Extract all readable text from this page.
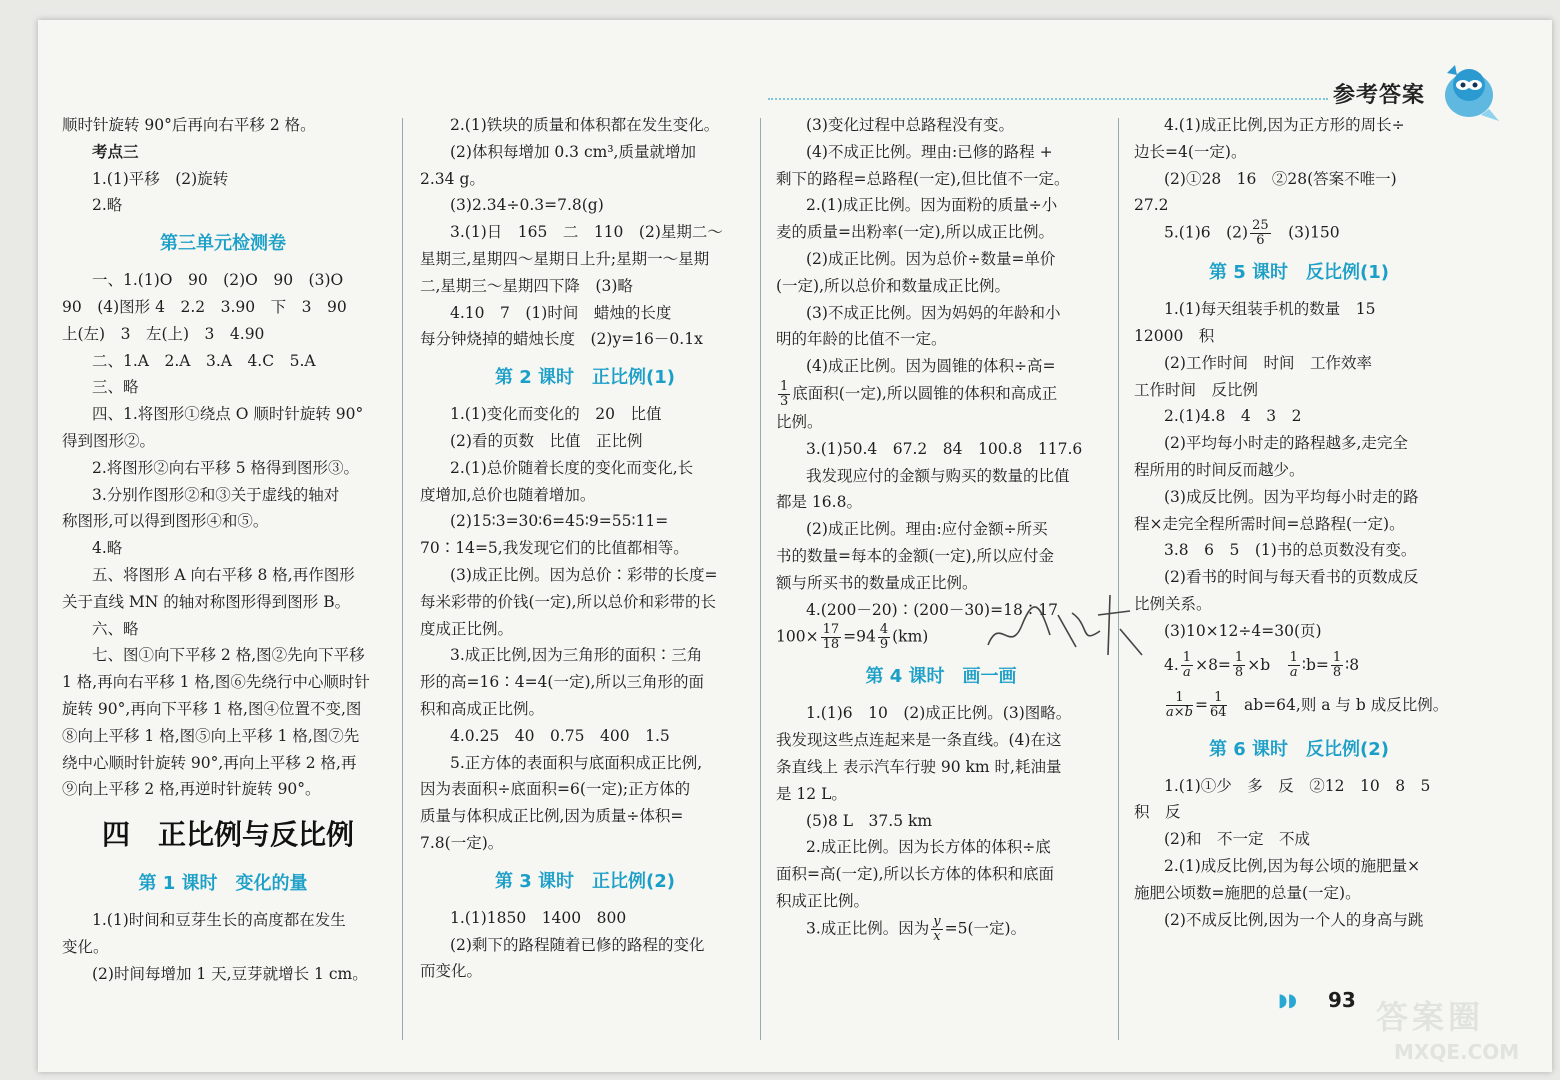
参考答案
顺时针旋转 90°后再向右平移 2 格。
考点三
1.(1)平移　(2)旋转
2.略
第三单元检测卷
一、1.(1)O　90　(2)O　90　(3)O
90　(4)图形 4　2.2　3.90　下　3　90
上(左)　3　左(上)　3　4.90
二、1.A　2.A　3.A　4.C　5.A
三、略
四、1.将图形①绕点 O 顺时针旋转 90°
得到图形②。
2.将图形②向右平移 5 格得到图形③。
3.分别作图形②和③关于虚线的轴对
称图形,可以得到图形④和⑤。
4.略
五、将图形 A 向右平移 8 格,再作图形
关于直线 MN 的轴对称图形得到图形 B。
六、略
七、图①向下平移 2 格,图②先向下平移
1 格,再向右平移 1 格,图⑥先绕行中心顺时针
旋转 90°,再向下平移 1 格,图④位置不变,图
⑧向上平移 1 格,图⑤向上平移 1 格,图⑦先
绕中心顺时针旋转 90°,再向上平移 2 格,再
⑨向上平移 2 格,再逆时针旋转 90°。
四　正比例与反比例
第 1 课时　变化的量
1.(1)时间和豆芽生长的高度都在发生
变化。
(2)时间每增加 1 天,豆芽就增长 1 cm。
2.(1)铁块的质量和体积都在发生变化。
(2)体积每增加 0.3 cm³,质量就增加
2.34 g。
(3)2.34÷0.3=7.8(g)
3.(1)日　165　二　110　(2)星期二～
星期三,星期四～星期日上升;星期一～星期
二,星期三～星期四下降　(3)略
4.10　7　(1)时间　蜡烛的长度
每分钟烧掉的蜡烛长度　(2)y=16－0.1x
第 2 课时　正比例(1)
1.(1)变化而变化的　20　比值
(2)看的页数　比值　正比例
2.(1)总价随着长度的变化而变化,长
度增加,总价也随着增加。
(2)15∶3=30∶6=45∶9=55∶11=
70∶14=5,我发现它们的比值都相等。
(3)成正比例。因为总价∶彩带的长度=
每米彩带的价钱(一定),所以总价和彩带的长
度成正比例。
3.成正比例,因为三角形的面积∶三角
形的高=16∶4=4(一定),所以三角形的面
积和高成正比例。
4.0.25　40　0.75　400　1.5
5.正方体的表面积与底面积成正比例,
因为表面积÷底面积=6(一定);正方体的
质量与体积成正比例,因为质量÷体积=
7.8(一定)。
第 3 课时　正比例(2)
1.(1)1850　1400　800
(2)剩下的路程随着已修的路程的变化
而变化。
(3)变化过程中总路程没有变。
(4)不成正比例。理由:已修的路程 +
剩下的路程=总路程(一定),但比值不一定。
2.(1)成正比例。因为面粉的质量÷小
麦的质量=出粉率(一定),所以成正比例。
(2)成正比例。因为总价÷数量=单价
(一定),所以总价和数量成正比例。
(3)不成正比例。因为妈妈的年龄和小
明的年龄的比值不一定。
(4)成正比例。因为圆锥的体积÷高=
$\frac{1}{3}$ 底面积(一定),所以圆锥的体积和高成正
比例。
3.(1)50.4　67.2　84　100.8　117.6
我发现应付的金额与购买的数量的比值
都是 16.8。
(2)成正比例。理由:应付金额÷所买
书的数量=每本的金额(一定),所以应付金
额与所买书的数量成正比例。
4.(200－20)∶(200－30)=18∶17
$100\times \frac{17}{18} =94 \frac{4}{9} (km)$
第 4 课时　画一画
1.(1)6　10　(2)成正比例。(3)图略。
我发现这些点连起来是一条直线。(4)在这
条直线上 表示汽车行驶 90 km 时,耗油量
是 12 L。
(5)8 L　37.5 km
2.成正比例。因为长方体的体积÷底
面积=高(一定),所以长方体的体积和底面
积成正比例。
3.成正比例。因为 $\frac{y}{x} =5$(一定)。
4.(1)成正比例,因为正方形的周长÷
边长=4(一定)。
(2)①28　16　②28(答案不唯一)
27.2
5.(1)6　$(2) \frac{25}{6}$ 　(3)150
第 5 课时　反比例(1)
1.(1)每天组装手机的数量　15
12000　积
(2)工作时间　时间　工作效率
工作时间　反比例
2.(1)4.8　4　3　2
(2)平均每小时走的路程越多,走完全
程所用的时间反而越少。
(3)成反比例。因为平均每小时走的路
程×走完全程所需时间=总路程(一定)。
3.8　6　5　(1)书的总页数没有变。
(2)看书的时间与每天看书的页数成反
比例关系。
(3)10×12÷4=30(页)
4. $\frac{1}{a} \times 8= \frac{1}{8} \times b$　 $\frac{1}{a}$ ∶b= $\frac{1}{8}$ ∶8
$\frac{1}{a\times b} = \frac{1}{64}$
　 ab=64,则 a 与 b 成反比例。
第 6 课时　反比例(2)
1.(1)①少　多　反　②12　10　8　5
积　反
(2)和　不一定　不成
2.(1)成反比例,因为每公顷的施肥量×
施肥公顷数=施肥的总量(一定)。
(2)不成反比例,因为一个人的身高与跳
◗◗ 93 答案圈
MXQE.COM
